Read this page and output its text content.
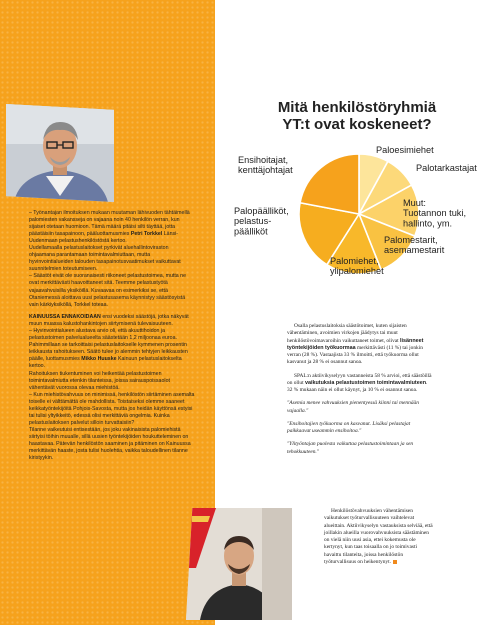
– Työnantajan ilmoituksen mukaan muutaman lähivuoden tähtäimellä palomiesten vakansseja on vajaana noin 40 henkilön verran, kun sijaiset otetaan huomioon. Tämä määrä pitäisi silti täyttää, jotta päästäisiin tasapainoon, pääluottamusmies Petri Torkkel Länsi-Uudenmaan pelastushenkilöstöstä kertoo.

Uudellamaalla pelastuslaitokset pyrkivät aluehallintoviraston ohjaamana parantamaan toimintavalmiuttaan, mutta hyvinvointialueiden talouden tasapainotusvaatimukset vaikuttavat suunnitelmien toteutumiseen.

– Säästöt eivät ole suoranaisesti riikoneet pelastustoimea, mutta ne ovat merkittävästi haavoittaneet sitä. Teemme pelastustyötä vajaavahvuisilla yksiköillä. Kuvaavaa on esimerkiksi se, että Otaniemessä aloittava uusi pelastusasema käynnistyy säästösyistä vain kärkiyksiköllä, Torkkel toteaa.

KAINUUSSA ENNAKOIDAAN ensi vuodeksi säästöjä, jotka näkyvät muun muassa kalustohankintojen siirtymisenä tulevaisuuteen.

– Hyvinvointialueen alustava arvio oli, että akuuttihoidon ja pelastustoimen palvelualueelta säästetään 1,2 miljoonaa euroa. Pahimmillaan se tarkoittaisi pelastuslaitokselle kymmenen prosentin leikkausta rahoitukseen. Säätö tulee jo alemmin tehtyjen leikkausten päälle, luottamusmies Mikko Huuske Kainuun pelastuslaitokselta kertoo.

Rahoituksen tiukentuminen voi heikentää pelastustoimen toimintavalmiutta etenkin tilanteissa, joissa sairauspoissaolot vähentävät vuorossa olevaa miehistöä.

– Kun miehistövahvuus on minimissä, henkilöstön siirtäminen asemalta toiselle ei välttämättä ole mahdollista. Toistaiseksi olemme saaneet keikkatyöntekijöitä Pohjois-Savosta, mutta jos heidän käyttönsä estyisi tai tulisi yltyikkeitö, edessä olisi merkittäviä ongelmia. Kuinka pelastuslaitoksen palvelut silloin turvattaisiin?

Tilanne vaikeutuisi entisestään, jos joku vakinaisista palomiehistä siirtyisi töihin muualle, sillä uusien työntekijöiden houkutteleminen on haastavaa. Pätevän henkilöstön saaminen ja pitäminen on Kainuussa merkittävän haaste, josta tulisi huolehtia, vaikka taloudellinen tilanne kiristyykin.

Mitä henkilöstöryhmiä
YT:t ovat koskeneet?
Paloesimiehet
Palotarkastajat
Muut: Tuotannon tuki, hallinto, ym.
Palomestarit, asemamestarit
Palomiehet, ylipalomiehet
Palopäälliköt, pelastus-päälliköt
Ensihoitajat, kenttäjohtajat

Osalla pelastuslaitoksia säästötoimet, kuten sijaisten vähentäminen, avoimien virkojen jäädytys tai muut henkilöstövoimavaroihin vaikuttaneet toimet, olivat lisänneet työntekijöiden työkuormaa merkittävästi (11 %) tai jonkin verran (28 %). Vastaajista 33 % ilmoitti, että työkuorma ollut kasvanut ja 28 % ei osannut sanoa.

SPAL:n aktiivikyselyyn vastanneista 58 % arvioi, että säästöillä on ollut vaikutuksia pelastustoimen toimintavalmiuteen. 32 % mukaan näin ei ollut käynyt, ja 10 % ei osannut sanoa.

"Asemia menee vahvuuksien pienentyessä kiinni tai mennään vajaalla."

"Ensihoitajien työkuorma on kasvanut. Lisäksi pelastajat paikkaavat useammin ensihoitoa."

"Ylityöntajan puolesta vaikuttaa pelastustoimintaan ja sen tehokkuuteen."

Henkilöstövahvuuksien vähentämisen vaikutukset työturvallisuuteen vaihtelevat alueittain. Aktiivikyselyn vastauksista selviää, että joillakin alueilla vuorovahvuuksista säästäminen on vielä niin uusi asia, ettei kokemusta ole kertynyt, kun taas toisaalla on jo toimivasti havaittu tilanteita, joissa henkilöstön työturvallisuus on heikentynyt.
